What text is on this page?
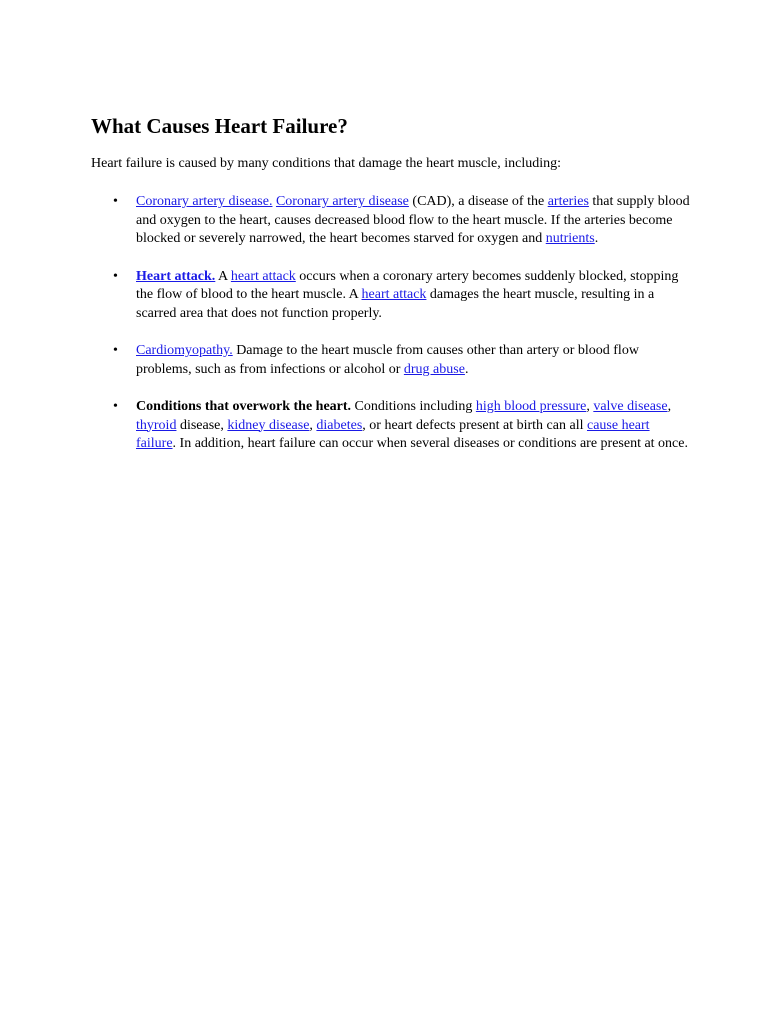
What Causes Heart Failure?

Heart failure is caused by many conditions that damage the heart muscle, including:

• Coronary artery disease. Coronary artery disease (CAD), a disease of the arteries that supply blood and oxygen to the heart, causes decreased blood flow to the heart muscle. If the arteries become blocked or severely narrowed, the heart becomes starved for oxygen and nutrients.
• Heart attack. A heart attack occurs when a coronary artery becomes suddenly blocked, stopping the flow of blood to the heart muscle. A heart attack damages the heart muscle, resulting in a scarred area that does not function properly.
• Cardiomyopathy. Damage to the heart muscle from causes other than artery or blood flow problems, such as from infections or alcohol or drug abuse.
• Conditions that overwork the heart. Conditions including high blood pressure, valve disease, thyroid disease, kidney disease, diabetes, or heart defects present at birth can all cause heart failure. In addition, heart failure can occur when several diseases or conditions are present at once.
